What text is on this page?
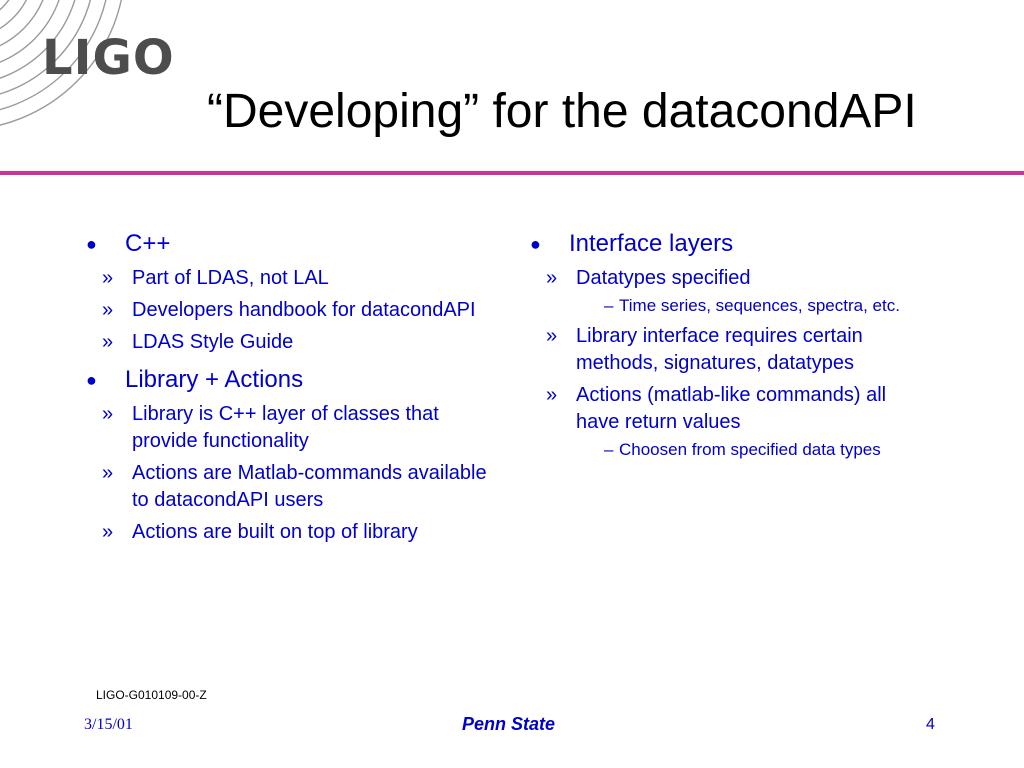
LIGO
“Developing” for the datacondAPI
● C++
» Part of LDAS, not LAL
» Developers handbook for datacondAPI
» LDAS Style Guide
● Library + Actions
» Library is C++ layer of classes that provide functionality
» Actions are Matlab-commands available to datacondAPI users
» Actions are built on top of library
● Interface layers
» Datatypes specified
– Time series, sequences, spectra, etc.
» Library interface requires certain methods, signatures, datatypes
» Actions (matlab-like commands) all have return values
– Choosen from specified data types
LIGO-G010109-00-Z
3/15/01	Penn State	4
